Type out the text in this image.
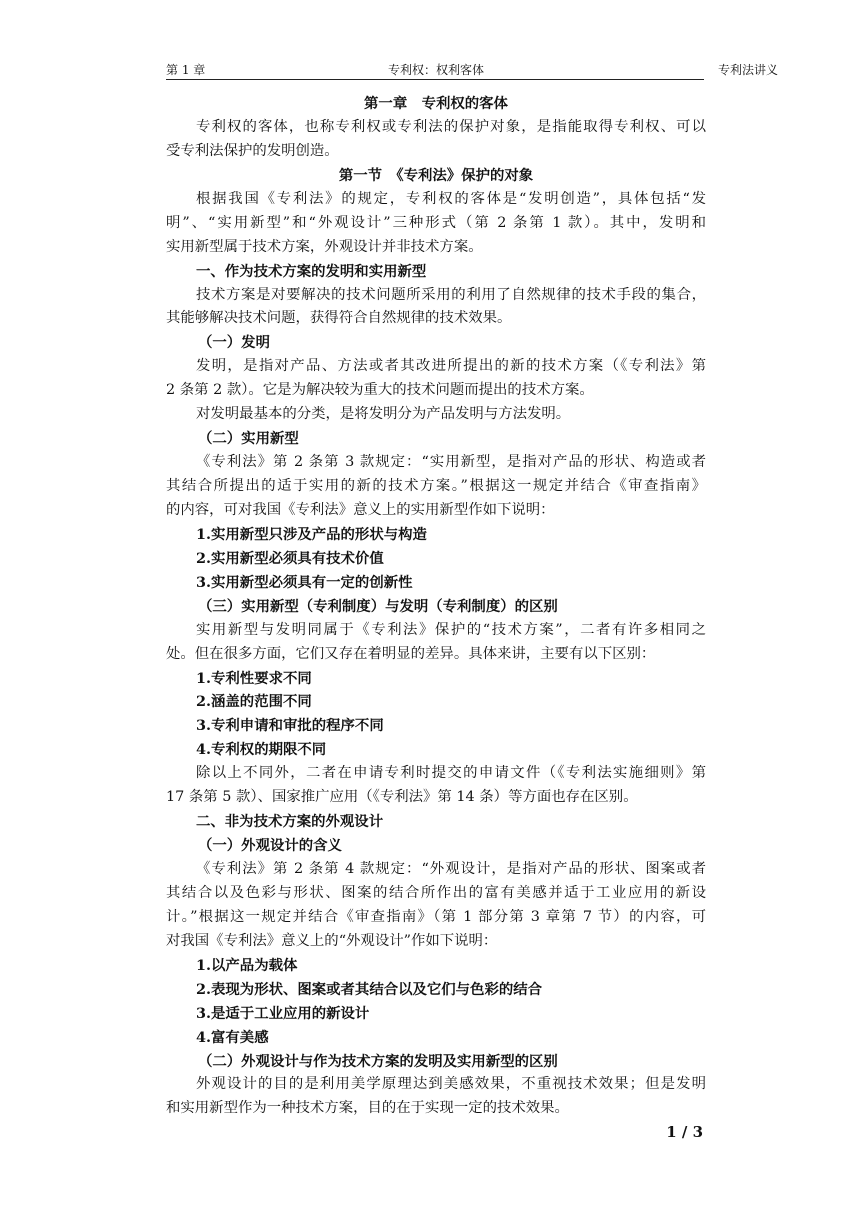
第 1 章	专利权：权利客体	专利法讲义
第一章　专利权的客体
专利权的客体，也称专利权或专利法的保护对象，是指能取得专利权、可以
受专利法保护的发明创造。
第一节　《专利法》保护的对象
根据我国《专利法》的规定，专利权的客体是“发明创造”，具体包括“发
明”、“实用新型”和“外观设计”三种形式（第 2 条第 1 款）。其中，发明和
实用新型属于技术方案，外观设计并非技术方案。
一、作为技术方案的发明和实用新型
技术方案是对要解决的技术问题所采用的利用了自然规律的技术手段的集合，
其能够解决技术问题，获得符合自然规律的技术效果。
（一）发明
发明，是指对产品、方法或者其改进所提出的新的技术方案（《专利法》第
2 条第 2 款）。它是为解决较为重大的技术问题而提出的技术方案。
对发明最基本的分类，是将发明分为产品发明与方法发明。
（二）实用新型
《专利法》第 2 条第 3 款规定：“实用新型，是指对产品的形状、构造或者
其结合所提出的适于实用的新的技术方案。”根据这一规定并结合《审查指南》
的内容，可对我国《专利法》意义上的实用新型作如下说明：
1.实用新型只涉及产品的形状与构造
2.实用新型必须具有技术价值
3.实用新型必须具有一定的创新性
（三）实用新型（专利制度）与发明（专利制度）的区别
实用新型与发明同属于《专利法》保护的“技术方案”，二者有许多相同之
处。但在很多方面，它们又存在着明显的差异。具体来讲，主要有以下区别：
1.专利性要求不同
2.涵盖的范围不同
3.专利申请和审批的程序不同
4.专利权的期限不同
除以上不同外，二者在申请专利时提交的申请文件（《专利法实施细则》第
17 条第 5 款）、国家推广应用（《专利法》第 14 条）等方面也存在区别。
二、非为技术方案的外观设计
（一）外观设计的含义
《专利法》第 2 条第 4 款规定：“外观设计，是指对产品的形状、图案或者
其结合以及色彩与形状、图案的结合所作出的富有美感并适于工业应用的新设
计。”根据这一规定并结合《审查指南》（第 1 部分第 3 章第 7 节）的内容，可
对我国《专利法》意义上的“外观设计”作如下说明：
1.以产品为载体
2.表现为形状、图案或者其结合以及它们与色彩的结合
3.是适于工业应用的新设计
4.富有美感
（二）外观设计与作为技术方案的发明及实用新型的区别
外观设计的目的是利用美学原理达到美感效果，不重视技术效果；但是发明
和实用新型作为一种技术方案，目的在于实现一定的技术效果。
1 / 3
